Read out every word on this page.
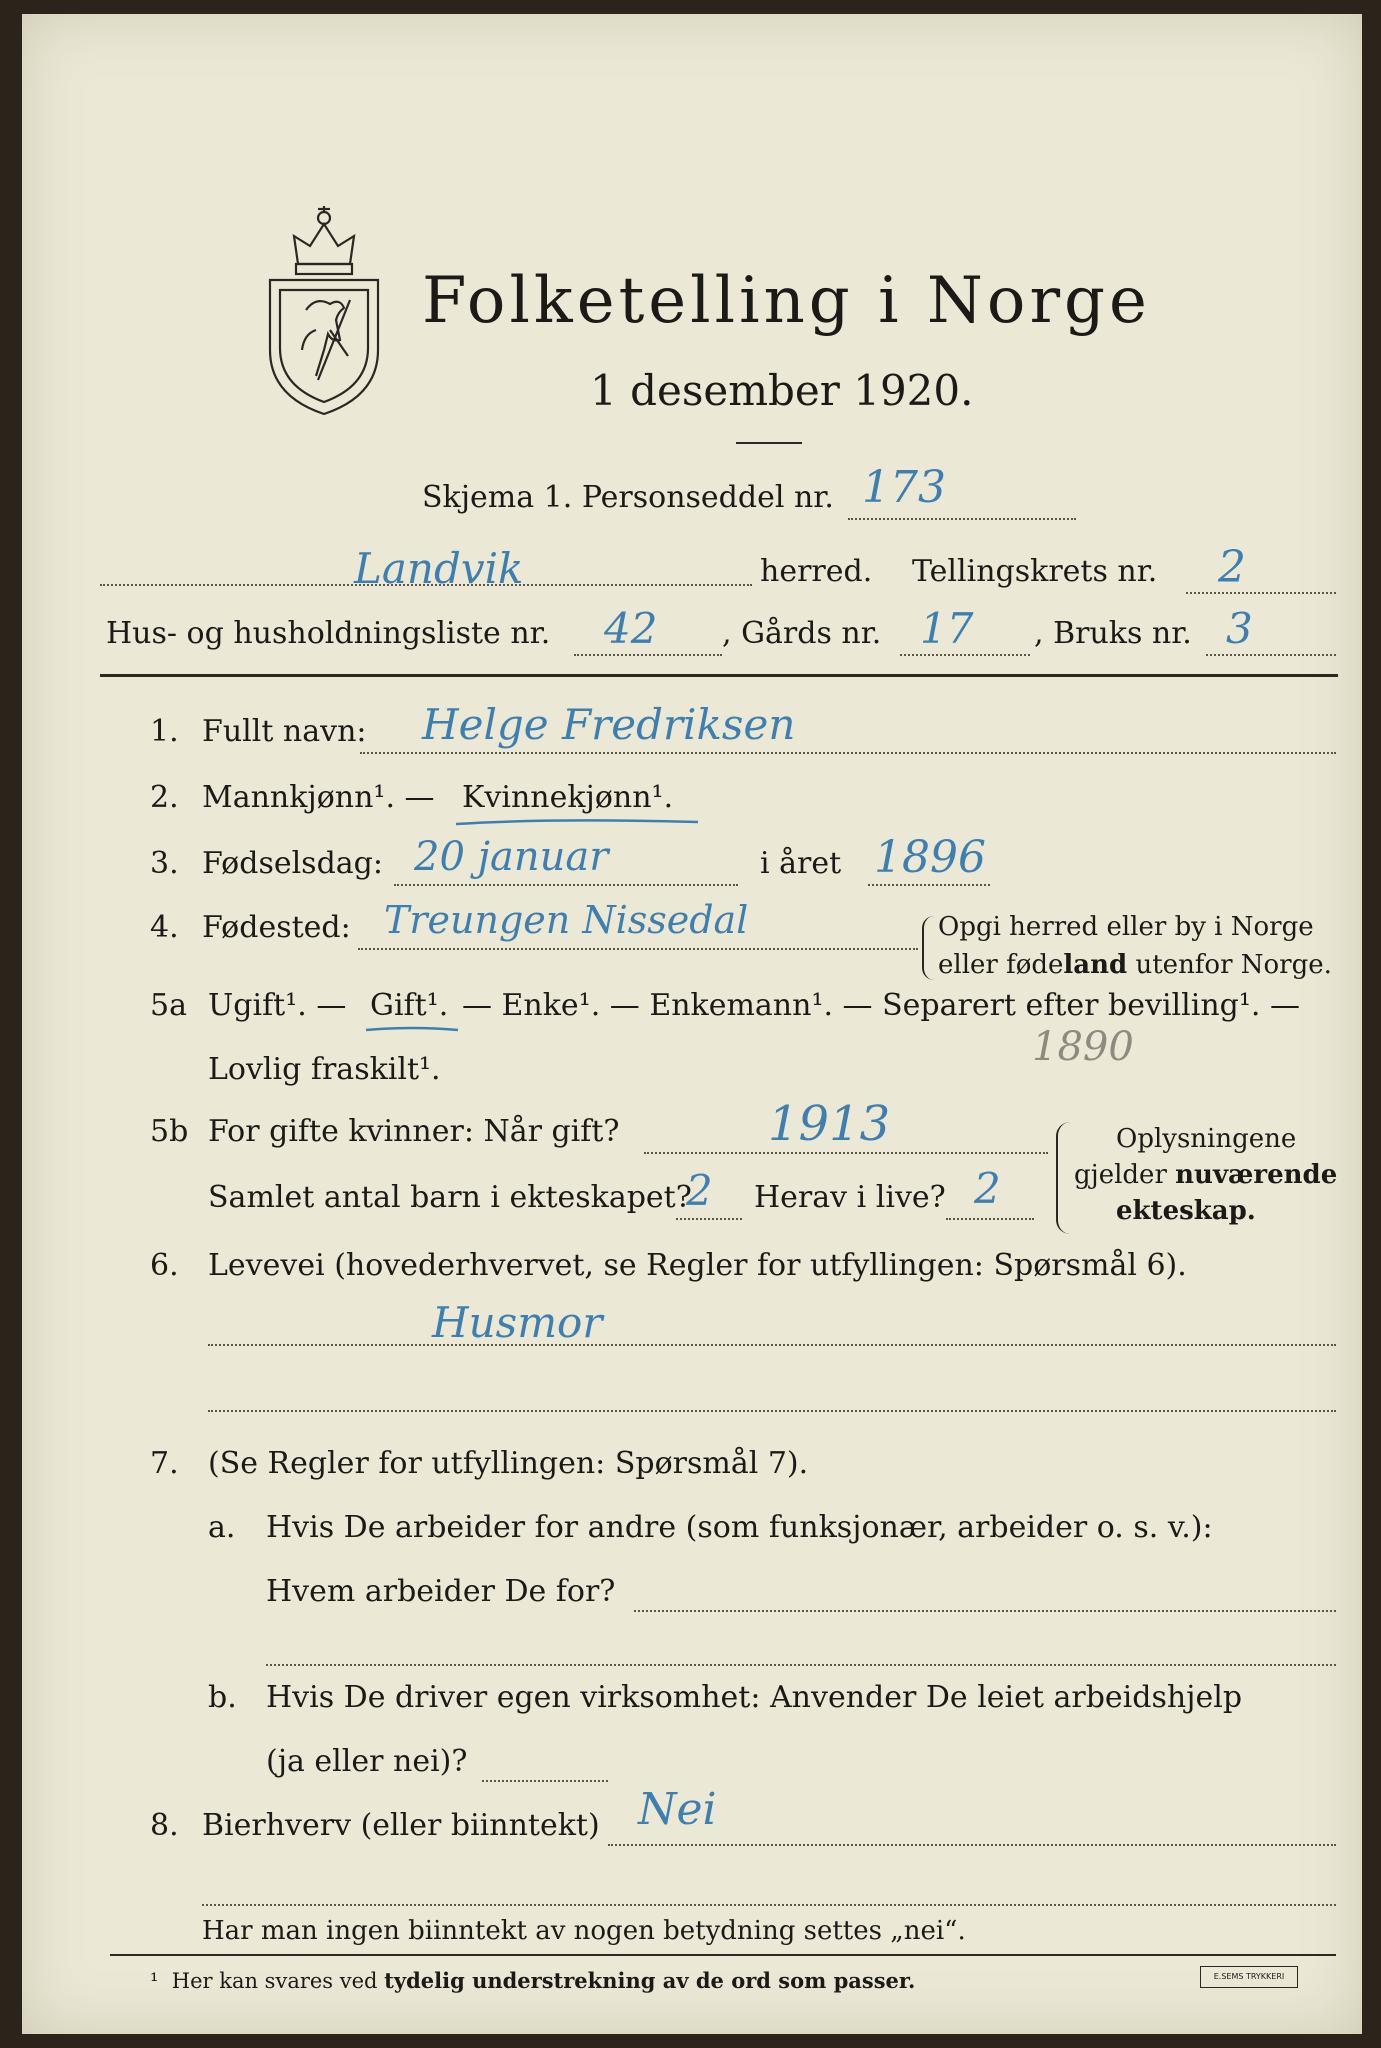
Folketelling i Norge
1 desember 1920.
Skjema 1. Personseddel nr. 173
Landvik	herred. Tellingskrets nr. 2
Hus- og husholdningsliste nr. 42 , Gårds nr. 17 , Bruks nr. 3
1. Fullt navn: Helge Fredriksen
2. Mannkjønn¹. — Kvinnekjønn¹.
3. Fødselsdag: 20 januar	i året 1896
4. Fødested: Treungen Nissedal	Opgi herred eller by i Norge
eller fødeland utenfor Norge.
5a Ugift¹. — Gift¹. — Enke¹. — Enkemann¹. — Separert efter bevilling¹. —
Lovlig fraskilt¹.	1890
5b For gifte kvinner: Når gift?	1913
Samlet antal barn i ekteskapet?
2 Herav i live? 2
Oplysningene
gjelder nuværende
ekteskap.
6. Levevei (hovederhvervet, se Regler for utfyllingen: Spørsmål 6).
Husmor
7. (Se Regler for utfyllingen: Spørsmål 7).
a. Hvis De arbeider for andre (som funksjonær, arbeider o. s. v.):
Hvem arbeider De for?
b. Hvis De driver egen virksomhet: Anvender De leiet arbeidshjelp
(ja eller nei)?
8. Bierhverv (eller biinntekt) Nei
Har man ingen biinntekt av nogen betydning settes „nei“.
¹ Her kan svares ved tydelig understrekning av de ord som passer.	E.SEMS TRYKKERI
